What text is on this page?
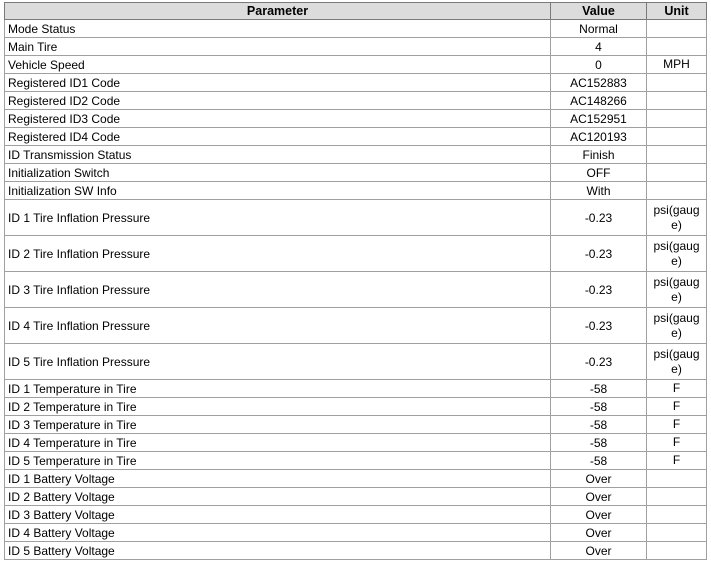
Parameter	Value	Unit
Mode Status	Normal	
Main Tire	4	
Vehicle Speed	0	MPH
Registered ID1 Code	AC152883	
Registered ID2 Code	AC148266	
Registered ID3 Code	AC152951	
Registered ID4 Code	AC120193	
ID Transmission Status	Finish	
Initialization Switch	OFF	
Initialization SW Info	With	
ID 1 Tire Inflation Pressure	-0.23	psi(gauge)
ID 2 Tire Inflation Pressure	-0.23	psi(gauge)
ID 3 Tire Inflation Pressure	-0.23	psi(gauge)
ID 4 Tire Inflation Pressure	-0.23	psi(gauge)
ID 5 Tire Inflation Pressure	-0.23	psi(gauge)
ID 1 Temperature in Tire	-58	F
ID 2 Temperature in Tire	-58	F
ID 3 Temperature in Tire	-58	F
ID 4 Temperature in Tire	-58	F
ID 5 Temperature in Tire	-58	F
ID 1 Battery Voltage	Over	
ID 2 Battery Voltage	Over	
ID 3 Battery Voltage	Over	
ID 4 Battery Voltage	Over	
ID 5 Battery Voltage	Over	
